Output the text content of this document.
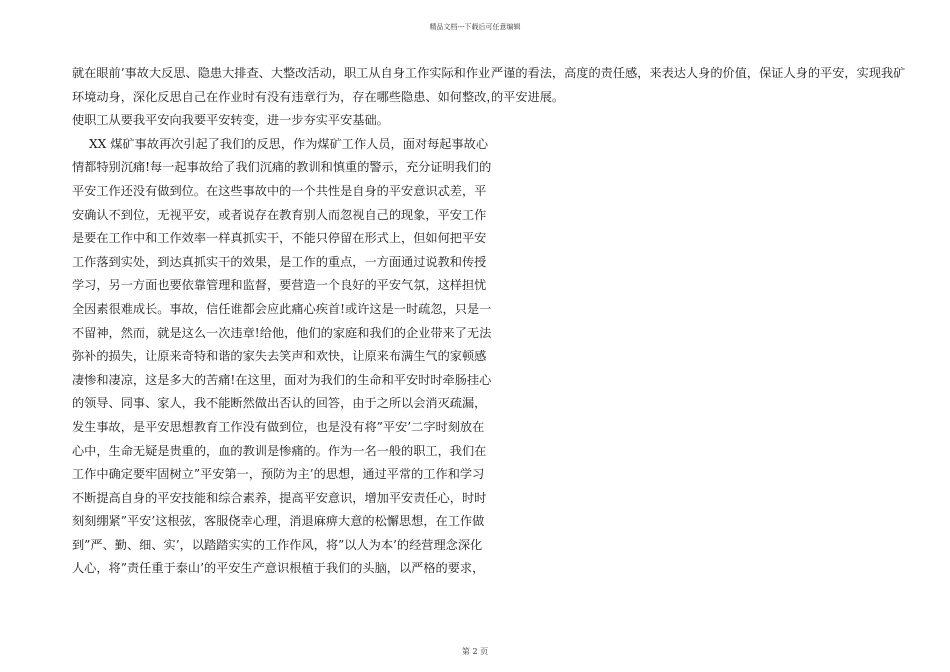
精品文档---下载后可任意编辑
就在眼前’事故大反思、隐患大排查、大整改活动，职工从自身工作实际和作业
环境动身，深化反思自己在作业时有没有违章行为，存在哪些隐患、如何整改，
使职工从要我平安向我要平安转变，进一步夯实平安基础。
XX 煤矿事故再次引起了我们的反思，作为煤矿工作人员，面对每起事故心
情都特别沉痛!每一起事故给了我们沉痛的教训和慎重的警示，充分证明我们的
平安工作还没有做到位。在这些事故中的一个共性是自身的平安意识忒差，平
安确认不到位，无视平安，或者说存在教育别人而忽视自己的现象，平安工作
是要在工作中和工作效率一样真抓实干，不能只停留在形式上，但如何把平安
工作落到实处，到达真抓实干的效果，是工作的重点，一方面通过说教和传授
学习，另一方面也要依靠管理和监督，要营造一个良好的平安气氛，这样担忧
全因素很难成长。事故，信任谁都会应此痛心疾首!或许这是一时疏忽，只是一
不留神，然而，就是这么一次违章!给他，他们的家庭和我们的企业带来了无法
弥补的损失，让原来奇特和谐的家失去笑声和欢快，让原来布满生气的家顿感
凄惨和凄凉，这是多大的苦痛!在这里，面对为我们的生命和平安时时牵肠挂心
的领导、同事、家人，我不能断然做出否认的回答，由于之所以会消灭疏漏，
发生事故，是平安思想教育工作没有做到位，也是没有将”平安’二字时刻放在
心中，生命无疑是贵重的，血的教训是惨痛的。作为一名一般的职工，我们在
工作中确定要牢固树立”平安第一，预防为主’的思想，通过平常的工作和学习
不断提高自身的平安技能和综合素养，提高平安意识，增加平安责任心，时时
刻刻绷紧”平安’这根弦，客服侥幸心理，消退麻痹大意的松懈思想，在工作做
到”严、勤、细、实’，以踏踏实实的工作作风，将”以人为本’的经营理念深化
人心，将”责任重于泰山’的平安生产意识根植于我们的头脑，以严格的要求，
严谨的看法，高度的责任感，来表达人身的价值，保证人身的平安，实现我矿
的平安进展。
第 2 页
